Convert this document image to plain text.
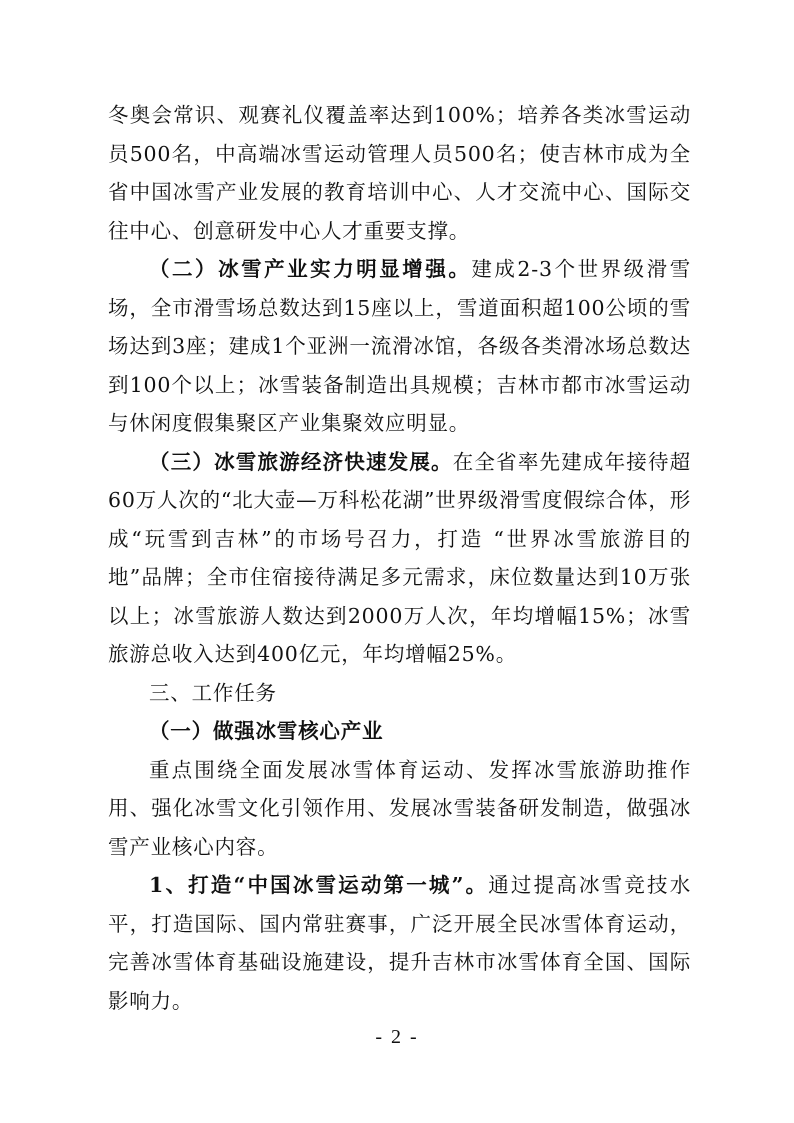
冬奥会常识、观赛礼仪覆盖率达到100%；培养各类冰雪运动员500名，中高端冰雪运动管理人员500名；使吉林市成为全省中国冰雪产业发展的教育培训中心、人才交流中心、国际交往中心、创意研发中心人才重要支撑。

（二）冰雪产业实力明显增强。建成2-3个世界级滑雪场，全市滑雪场总数达到15座以上，雪道面积超100公顷的雪场达到3座；建成1个亚洲一流滑冰馆，各级各类滑冰场总数达到100个以上；冰雪装备制造出具规模；吉林市都市冰雪运动与休闲度假集聚区产业集聚效应明显。

（三）冰雪旅游经济快速发展。在全省率先建成年接待超60万人次的“北大壶—万科松花湖”世界级滑雪度假综合体，形成“玩雪到吉林”的市场号召力，打造 “世界冰雪旅游目的地”品牌；全市住宿接待满足多元需求，床位数量达到10万张以上；冰雪旅游人数达到2000万人次，年均增幅15%；冰雪旅游总收入达到400亿元，年均增幅25%。

三、工作任务

（一）做强冰雪核心产业

重点围绕全面发展冰雪体育运动、发挥冰雪旅游助推作用、强化冰雪文化引领作用、发展冰雪装备研发制造，做强冰雪产业核心内容。

1、打造“中国冰雪运动第一城”。通过提高冰雪竞技水平，打造国际、国内常驻赛事，广泛开展全民冰雪体育运动，完善冰雪体育基础设施建设，提升吉林市冰雪体育全国、国际影响力。

- 2 -
